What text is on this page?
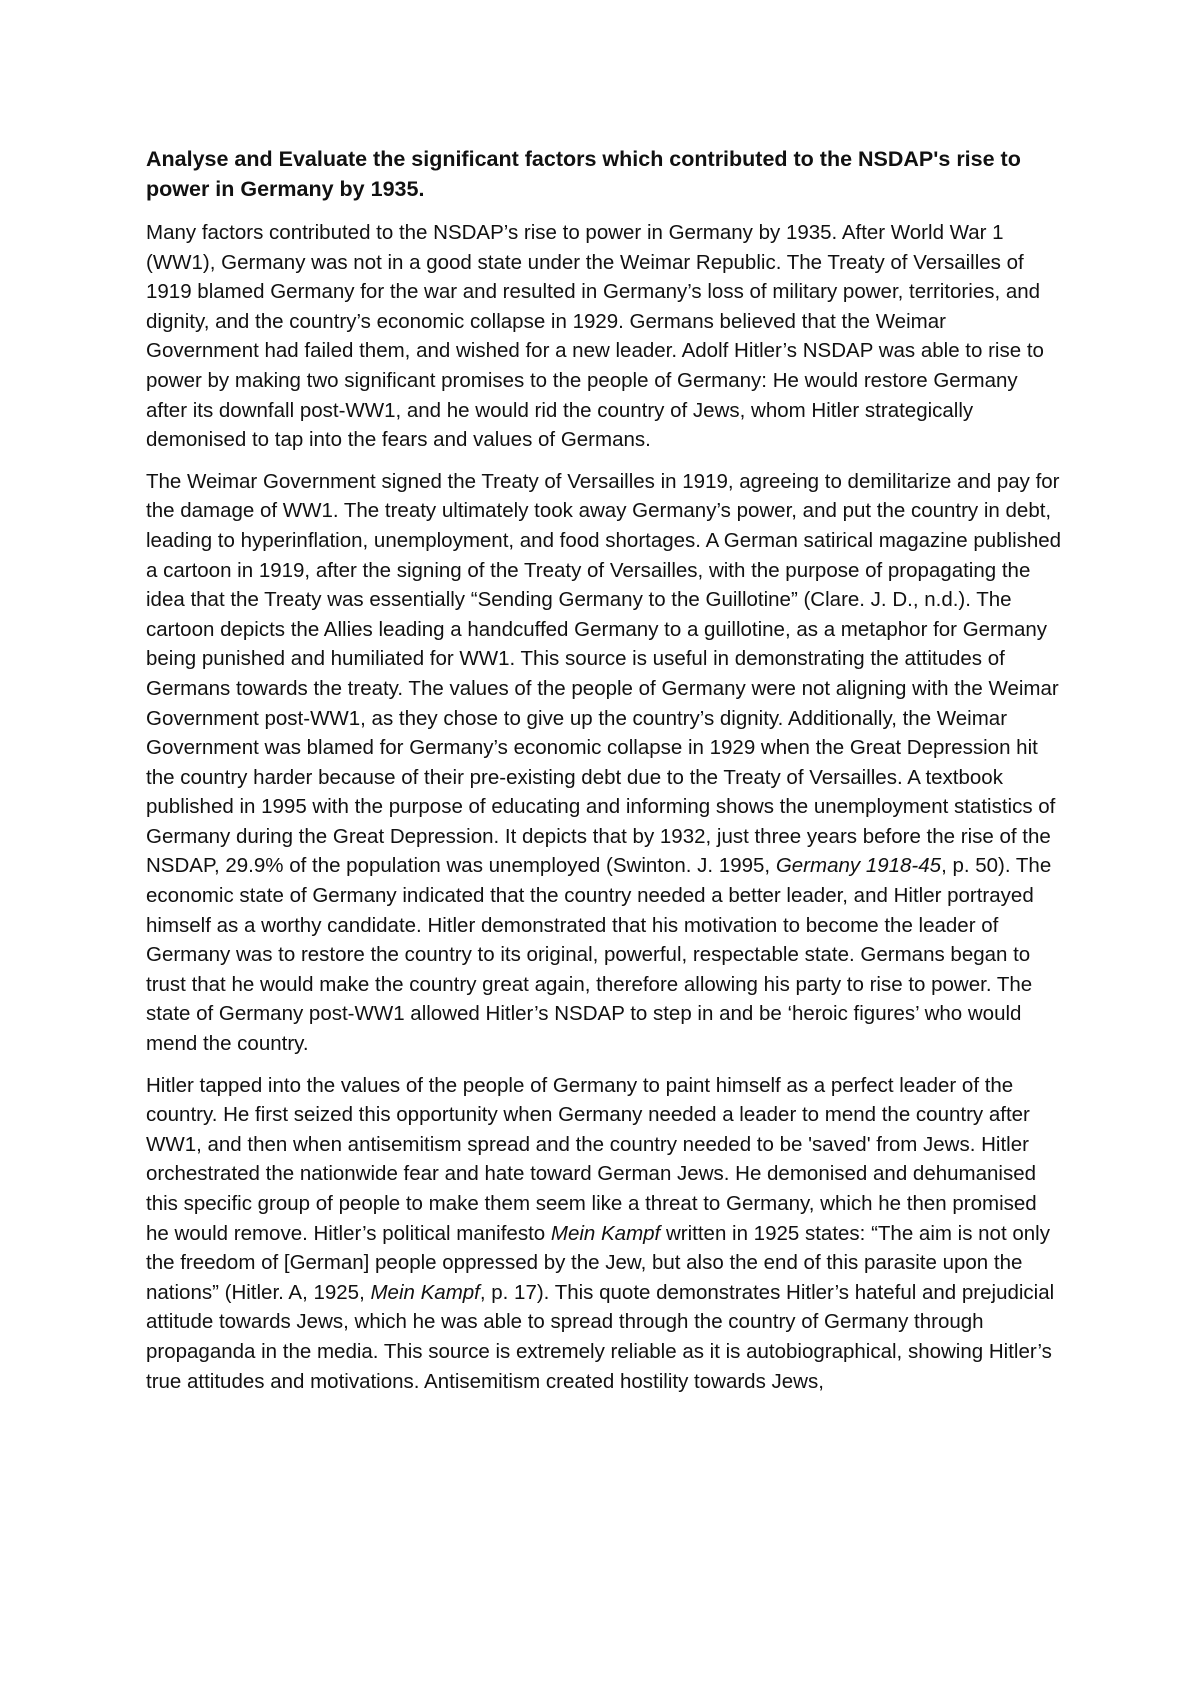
Analyse and Evaluate the significant factors which contributed to the NSDAP's rise to power in Germany by 1935.

Many factors contributed to the NSDAP’s rise to power in Germany by 1935. After World War 1 (WW1), Germany was not in a good state under the Weimar Republic. The Treaty of Versailles of 1919 blamed Germany for the war and resulted in Germany’s loss of military power, territories, and dignity, and the country’s economic collapse in 1929. Germans believed that the Weimar Government had failed them, and wished for a new leader. Adolf Hitler’s NSDAP was able to rise to power by making two significant promises to the people of Germany: He would restore Germany after its downfall post-WW1, and he would rid the country of Jews, whom Hitler strategically demonised to tap into the fears and values of Germans.

The Weimar Government signed the Treaty of Versailles in 1919, agreeing to demilitarize and pay for the damage of WW1. The treaty ultimately took away Germany’s power, and put the country in debt, leading to hyperinflation, unemployment, and food shortages. A German satirical magazine published a cartoon in 1919, after the signing of the Treaty of Versailles, with the purpose of propagating the idea that the Treaty was essentially “Sending Germany to the Guillotine” (Clare. J. D., n.d.). The cartoon depicts the Allies leading a handcuffed Germany to a guillotine, as a metaphor for Germany being punished and humiliated for WW1. This source is useful in demonstrating the attitudes of Germans towards the treaty. The values of the people of Germany were not aligning with the Weimar Government post-WW1, as they chose to give up the country’s dignity. Additionally, the Weimar Government was blamed for Germany’s economic collapse in 1929 when the Great Depression hit the country harder because of their pre-existing debt due to the Treaty of Versailles. A textbook published in 1995 with the purpose of educating and informing shows the unemployment statistics of Germany during the Great Depression. It depicts that by 1932, just three years before the rise of the NSDAP, 29.9% of the population was unemployed (Swinton. J. 1995, Germany 1918-45, p. 50). The economic state of Germany indicated that the country needed a better leader, and Hitler portrayed himself as a worthy candidate. Hitler demonstrated that his motivation to become the leader of Germany was to restore the country to its original, powerful, respectable state. Germans began to trust that he would make the country great again, therefore allowing his party to rise to power. The state of Germany post-WW1 allowed Hitler’s NSDAP to step in and be ‘heroic figures’ who would mend the country.

Hitler tapped into the values of the people of Germany to paint himself as a perfect leader of the country. He first seized this opportunity when Germany needed a leader to mend the country after WW1, and then when antisemitism spread and the country needed to be 'saved' from Jews. Hitler orchestrated the nationwide fear and hate toward German Jews. He demonised and dehumanised this specific group of people to make them seem like a threat to Germany, which he then promised he would remove. Hitler’s political manifesto Mein Kampf written in 1925 states: “The aim is not only the freedom of [German] people oppressed by the Jew, but also the end of this parasite upon the nations” (Hitler. A, 1925, Mein Kampf, p. 17). This quote demonstrates Hitler’s hateful and prejudicial attitude towards Jews, which he was able to spread through the country of Germany through propaganda in the media. This source is extremely reliable as it is autobiographical, showing Hitler’s true attitudes and motivations. Antisemitism created hostility towards Jews,
